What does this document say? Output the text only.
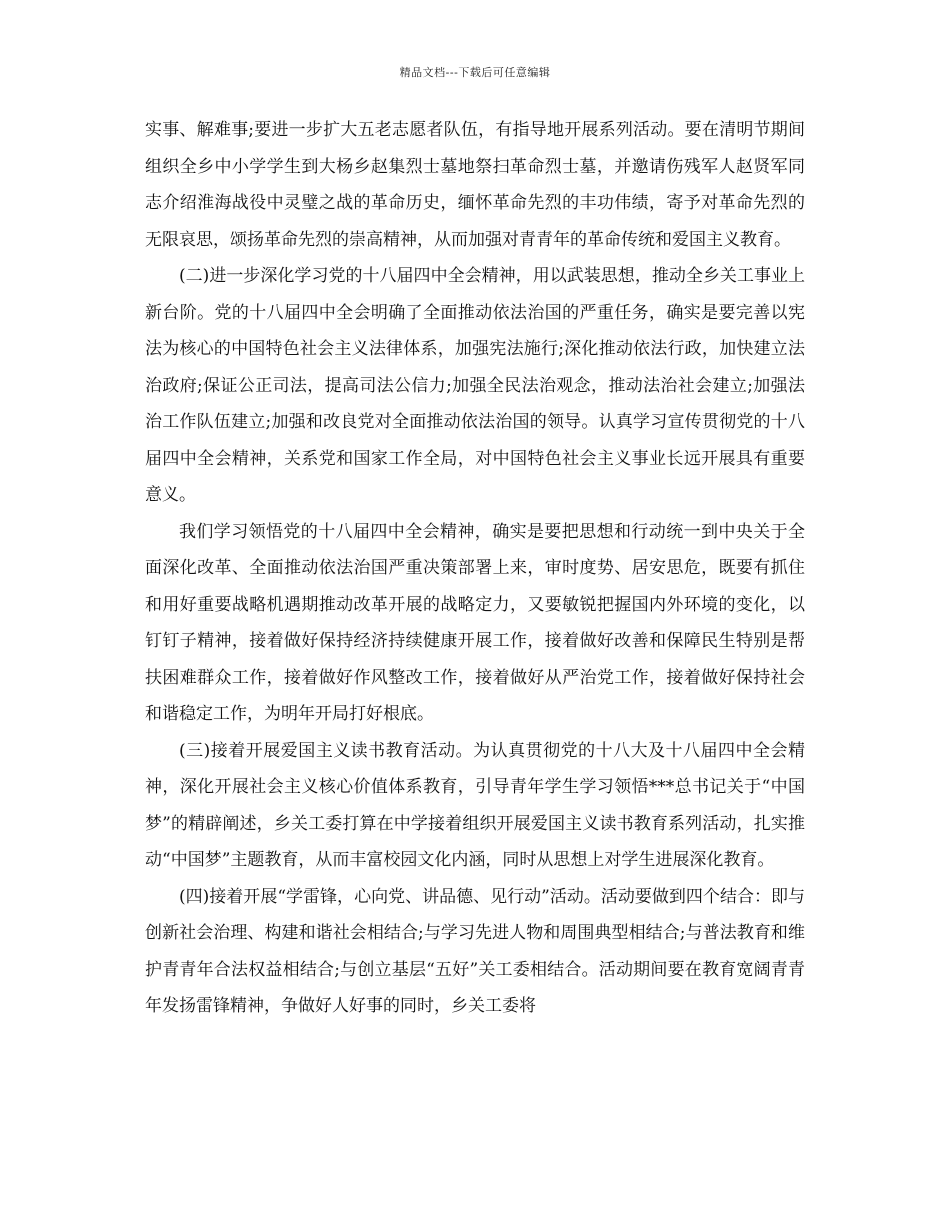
精品文档---下载后可任意编辑

实事、解难事;要进一步扩大五老志愿者队伍，有指导地开展系列活动。要在清明节期间组织全乡中小学学生到大杨乡赵集烈士墓地祭扫革命烈士墓，并邀请伤残军人赵贤军同志介绍淮海战役中灵璧之战的革命历史，缅怀革命先烈的丰功伟绩，寄予对革命先烈的无限哀思，颂扬革命先烈的崇高精神，从而加强对青青年的革命传统和爱国主义教育。

(二)进一步深化学习党的十八届四中全会精神，用以武装思想，推动全乡关工事业上新台阶。党的十八届四中全会明确了全面推动依法治国的严重任务，确实是要完善以宪法为核心的中国特色社会主义法律体系，加强宪法施行;深化推动依法行政，加快建立法治政府;保证公正司法，提高司法公信力;加强全民法治观念，推动法治社会建立;加强法治工作队伍建立;加强和改良党对全面推动依法治国的领导。认真学习宣传贯彻党的十八届四中全会精神，关系党和国家工作全局，对中国特色社会主义事业长远开展具有重要意义。

我们学习领悟党的十八届四中全会精神，确实是要把思想和行动统一到中央关于全面深化改革、全面推动依法治国严重决策部署上来，审时度势、居安思危，既要有抓住和用好重要战略机遇期推动改革开展的战略定力，又要敏锐把握国内外环境的变化，以钉钉子精神，接着做好保持经济持续健康开展工作，接着做好改善和保障民生特别是帮扶困难群众工作，接着做好作风整改工作，接着做好从严治党工作，接着做好保持社会和谐稳定工作，为明年开局打好根底。

(三)接着开展爱国主义读书教育活动。为认真贯彻党的十八大及十八届四中全会精神，深化开展社会主义核心价值体系教育，引导青年学生学习领悟***总书记关于“中国梦”的精辟阐述，乡关工委打算在中学接着组织开展爱国主义读书教育系列活动，扎实推动“中国梦”主题教育，从而丰富校园文化内涵，同时从思想上对学生进展深化教育。

(四)接着开展“学雷锋，心向党、讲品德、见行动”活动。活动要做到四个结合：即与创新社会治理、构建和谐社会相结合;与学习先进人物和周围典型相结合;与普法教育和维护青青年合法权益相结合;与创立基层“五好”关工委相结合。活动期间要在教育宽阔青青年发扬雷锋精神，争做好人好事的同时，乡关工委将
